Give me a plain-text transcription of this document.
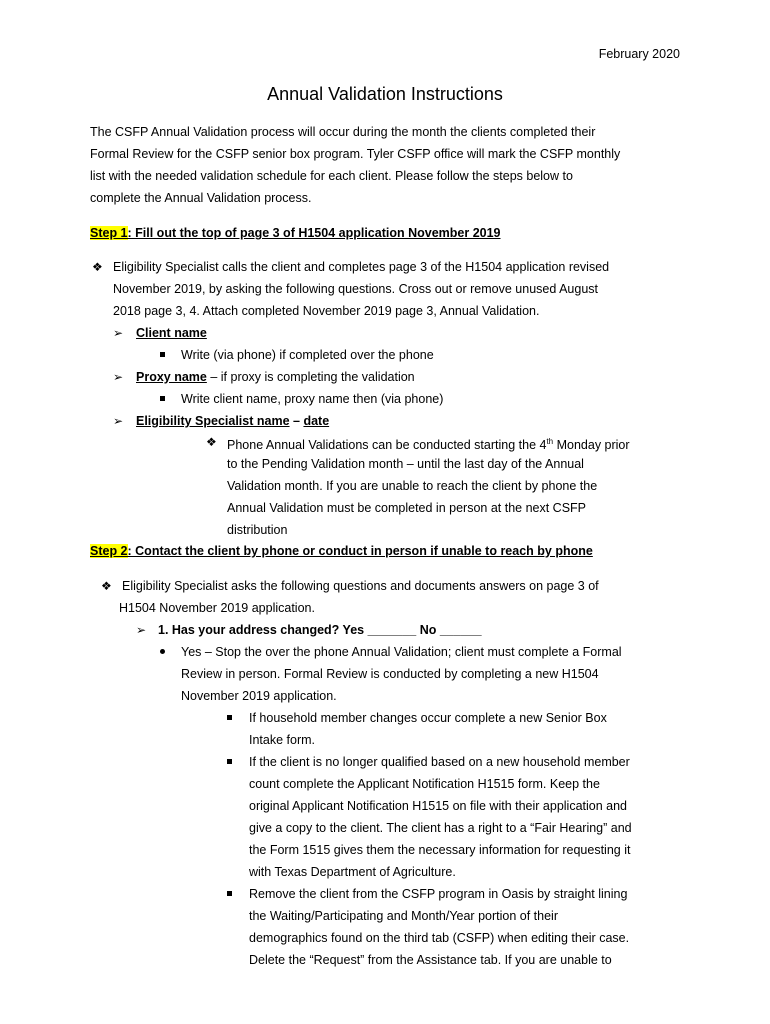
February 2020
Annual Validation Instructions
The CSFP Annual Validation process will occur during the month the clients completed their
Formal Review for the CSFP senior box program. Tyler CSFP office will mark the CSFP monthly
list with the needed validation schedule for each client. Please follow the steps below to
complete the Annual Validation process.
Step 1: Fill out the top of page 3 of H1504 application November 2019
❖ Eligibility Specialist calls the client and completes page 3 of the H1504 application revised
November 2019, by asking the following questions. Cross out or remove unused August
2018 page 3, 4. Attach completed November 2019 page 3, Annual Validation.
➢ Client name
Write (via phone) if completed over the phone
➢ Proxy name – if proxy is completing the validation
Write client name, proxy name then (via phone)
➢ Eligibility Specialist name – date
❖ Phone Annual Validations can be conducted starting the 4th Monday prior
to the Pending Validation month – until the last day of the Annual
Validation month. If you are unable to reach the client by phone the
Annual Validation must be completed in person at the next CSFP
distribution
Step 2: Contact the client by phone or conduct in person if unable to reach by phone
❖ Eligibility Specialist asks the following questions and documents answers on page 3 of
H1504 November 2019 application.
➢ 1. Has your address changed? Yes _______ No ______
Yes – Stop the over the phone Annual Validation; client must complete a Formal
Review in person. Formal Review is conducted by completing a new H1504
November 2019 application.
If household member changes occur complete a new Senior Box
Intake form.
If the client is no longer qualified based on a new household member
count complete the Applicant Notification H1515 form. Keep the
original Applicant Notification H1515 on file with their application and
give a copy to the client. The client has a right to a “Fair Hearing” and
the Form 1515 gives them the necessary information for requesting it
with Texas Department of Agriculture.
Remove the client from the CSFP program in Oasis by straight lining
the Waiting/Participating and Month/Year portion of their
demographics found on the third tab (CSFP) when editing their case.
Delete the “Request” from the Assistance tab. If you are unable to
